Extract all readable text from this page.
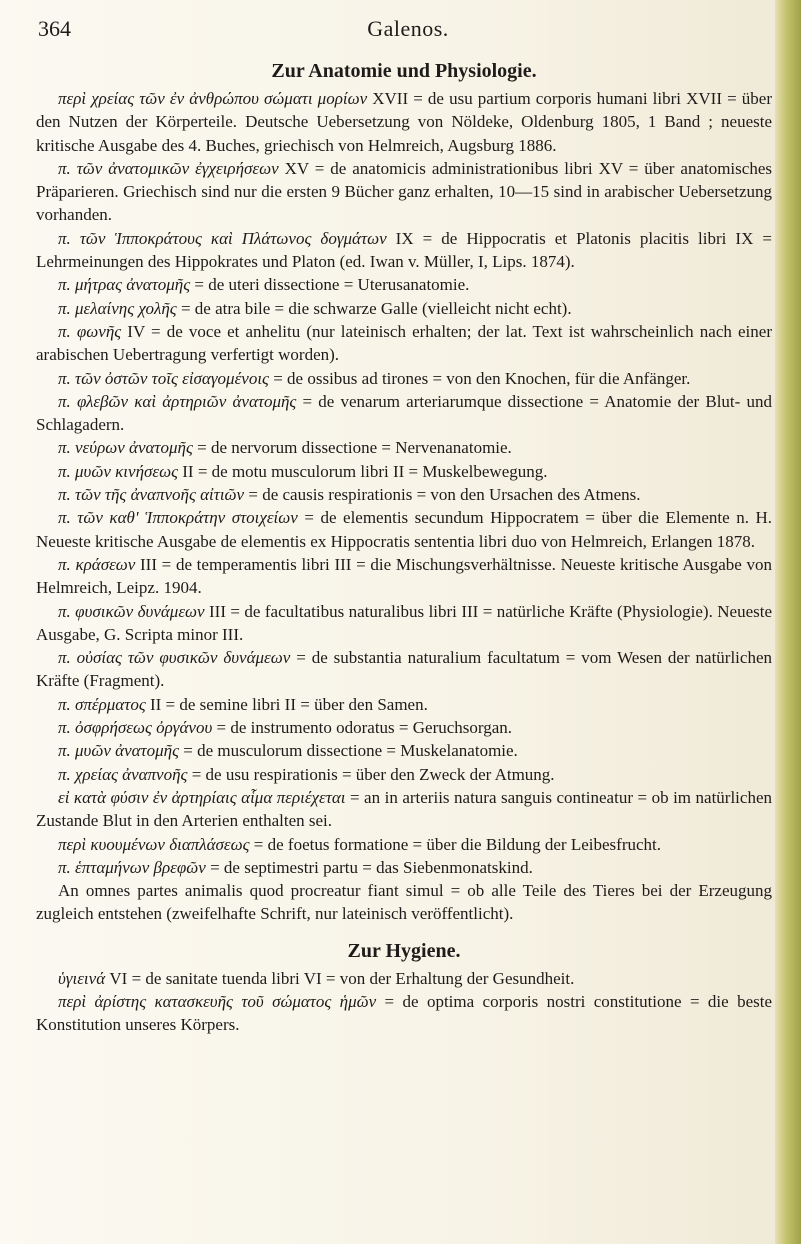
364	Galenos.
Zur Anatomie und Physiologie.

περὶ χρείας τῶν ἐν ἀνθρώπου σώματι μορίων XVII = de usu partium corporis humani libri XVII = über den Nutzen der Körperteile. Deutsche Uebersetzung von Nöldeke, Oldenburg 1805, 1 Band ; neueste kritische Ausgabe des 4. Buches, griechisch von Helmreich, Augsburg 1886.

π. τῶν ἀνατομικῶν ἐγχειρήσεων XV = de anatomicis administrationibus libri XV = über anatomisches Präparieren. Griechisch sind nur die ersten 9 Bücher ganz erhalten, 10—15 sind in arabischer Uebersetzung vorhanden.

π. τῶν Ἱπποκράτους καὶ Πλάτωνος δογμάτων IX = de Hippocratis et Platonis placitis libri IX = Lehrmeinungen des Hippokrates und Platon (ed. Iwan v. Müller, I, Lips. 1874).

π. μήτρας ἀνατομῆς = de uteri dissectione = Uterusanatomie.

π. μελαίνης χολῆς = de atra bile = die schwarze Galle (vielleicht nicht echt).

π. φωνῆς IV = de voce et anhelitu (nur lateinisch erhalten; der lat. Text ist wahrscheinlich nach einer arabischen Uebertragung verfertigt worden).

π. τῶν ὀστῶν τοῖς εἰσαγομένοις = de ossibus ad tirones = von den Knochen, für die Anfänger.

π. φλεβῶν καὶ ἀρτηριῶν ἀνατομῆς = de venarum arteriarumque dissectione = Anatomie der Blut- und Schlagadern.

π. νεύρων ἀνατομῆς = de nervorum dissectione = Nervenanatomie.

π. μυῶν κινήσεως II = de motu musculorum libri II = Muskelbewegung.

π. τῶν τῆς ἀναπνοῆς αἰτιῶν = de causis respirationis = von den Ursachen des Atmens.

π. τῶν καθ' Ἱπποκράτην στοιχείων = de elementis secundum Hippocratem = über die Elemente n. H. Neueste kritische Ausgabe de elementis ex Hippocratis sententia libri duo von Helmreich, Erlangen 1878.

π. κράσεων III = de temperamentis libri III = die Mischungsverhältnisse. Neueste kritische Ausgabe von Helmreich, Leipz. 1904.

π. φυσικῶν δυνάμεων III = de facultatibus naturalibus libri III = natürliche Kräfte (Physiologie). Neueste Ausgabe, G. Scripta minor III.

π. οὐσίας τῶν φυσικῶν δυνάμεων = de substantia naturalium facultatum = vom Wesen der natürlichen Kräfte (Fragment).

π. σπέρματος II = de semine libri II = über den Samen.

π. ὀσφρήσεως ὀργάνου = de instrumento odoratus = Geruchsorgan.

π. μυῶν ἀνατομῆς = de musculorum dissectione = Muskelanatomie.

π. χρείας ἀναπνοῆς = de usu respirationis = über den Zweck der Atmung.

εἰ κατὰ φύσιν ἐν ἀρτηρίαις αἷμα περιέχεται = an in arteriis natura sanguis contineatur = ob im natürlichen Zustande Blut in den Arterien enthalten sei.

περὶ κυουμένων διαπλάσεως = de foetus formatione = über die Bildung der Leibesfrucht.

π. ἑπταμήνων βρεφῶν = de septimestri partu = das Siebenmonatskind.

An omnes partes animalis quod procreatur fiant simul = ob alle Teile des Tieres bei der Erzeugung zugleich entstehen (zweifelhafte Schrift, nur lateinisch veröffentlicht).

Zur Hygiene.

ὑγιεινά VI = de sanitate tuenda libri VI = von der Erhaltung der Gesundheit.

περὶ ἀρίστης κατασκευῆς τοῦ σώματος ἡμῶν = de optima corporis nostri constitutione = die beste Konstitution unseres Körpers.
